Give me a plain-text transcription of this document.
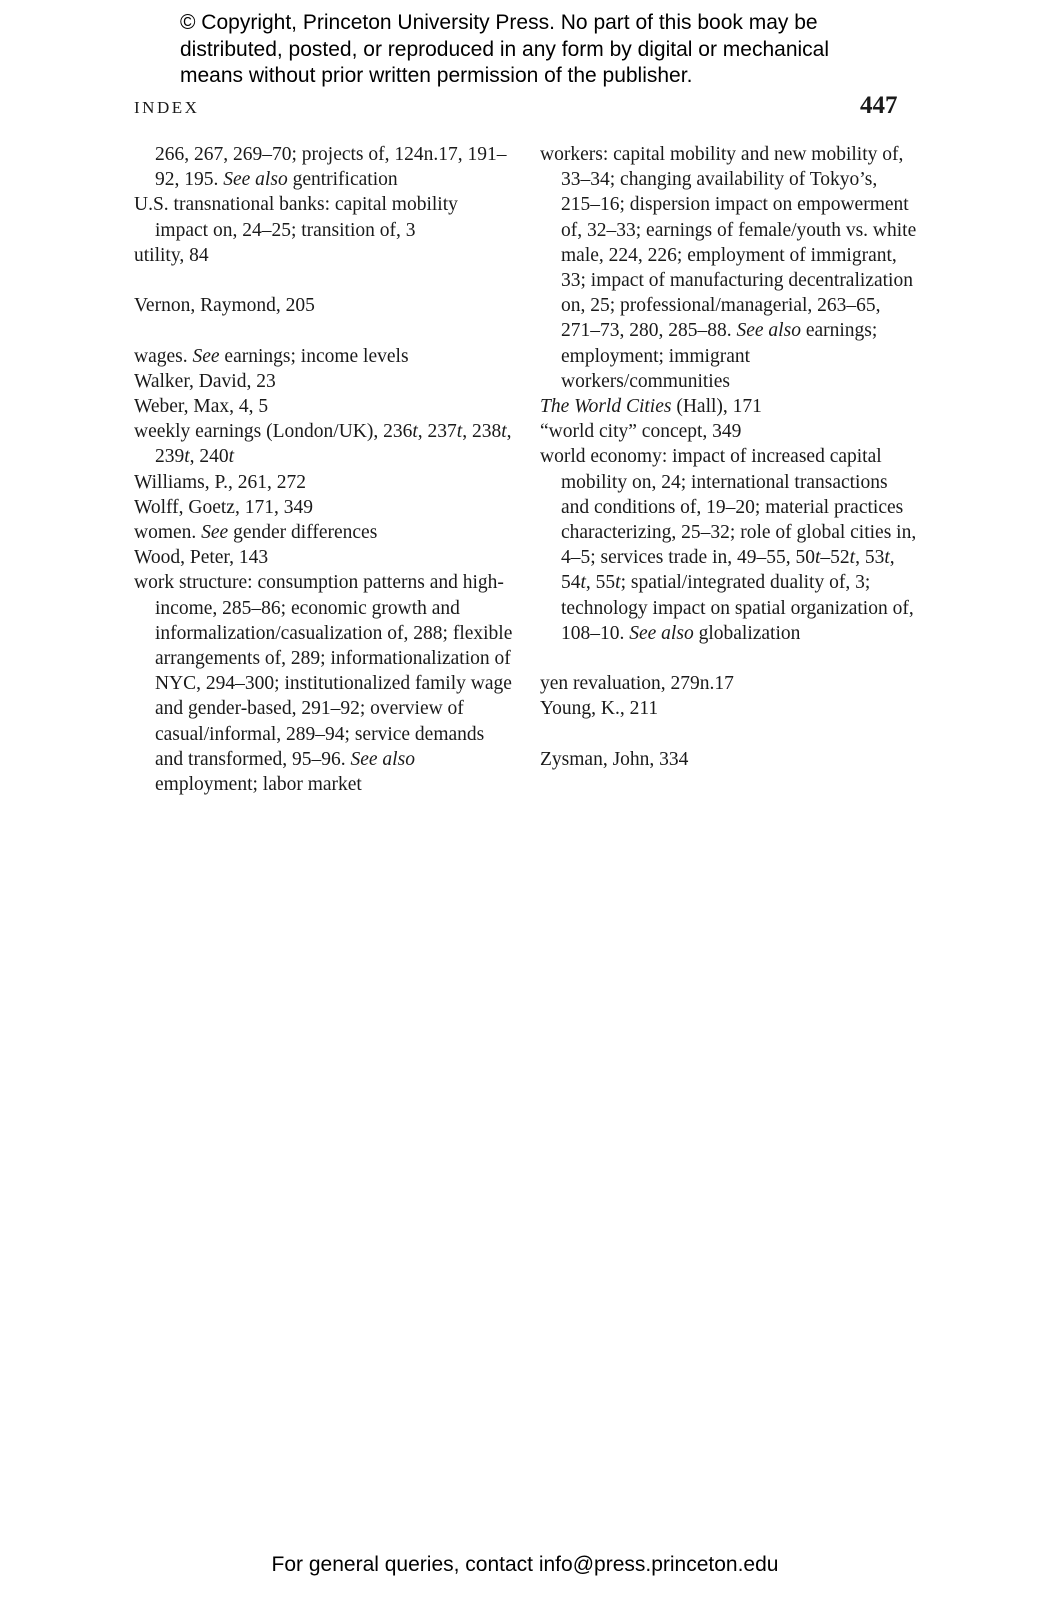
© Copyright, Princeton University Press. No part of this book may be
distributed, posted, or reproduced in any form by digital or mechanical
means without prior written permission of the publisher.
INDEX	447
266, 267, 269–70; projects of, 124n.17, 191–92, 195. See also gentrification
U.S. transnational banks: capital mobility impact on, 24–25; transition of, 3
utility, 84
Vernon, Raymond, 205
wages. See earnings; income levels
Walker, David, 23
Weber, Max, 4, 5
weekly earnings (London/UK), 236t, 237t, 238t, 239t, 240t
Williams, P., 261, 272
Wolff, Goetz, 171, 349
women. See gender differences
Wood, Peter, 143
work structure: consumption patterns and high-income, 285–86; economic growth and informalization/casualization of, 288; flexible arrangements of, 289; informationalization of NYC, 294–300; institutionalized family wage and gender-based, 291–92; overview of casual/informal, 289–94; service demands and transformed, 95–96. See also employment; labor market
workers: capital mobility and new mobility of, 33–34; changing availability of Tokyo’s, 215–16; dispersion impact on empowerment of, 32–33; earnings of female/youth vs. white male, 224, 226; employment of immigrant, 33; impact of manufacturing decentralization on, 25; professional/managerial, 263–65, 271–73, 280, 285–88. See also earnings; employment; immigrant workers/communities
The World Cities (Hall), 171
“world city” concept, 349
world economy: impact of increased capital mobility on, 24; international transactions and conditions of, 19–20; material practices characterizing, 25–32; role of global cities in, 4–5; services trade in, 49–55, 50t–52t, 53t, 54t, 55t; spatial/integrated duality of, 3; technology impact on spatial organization of, 108–10. See also globalization
yen revaluation, 279n.17
Young, K., 211
Zysman, John, 334
For general queries, contact info@press.princeton.edu
